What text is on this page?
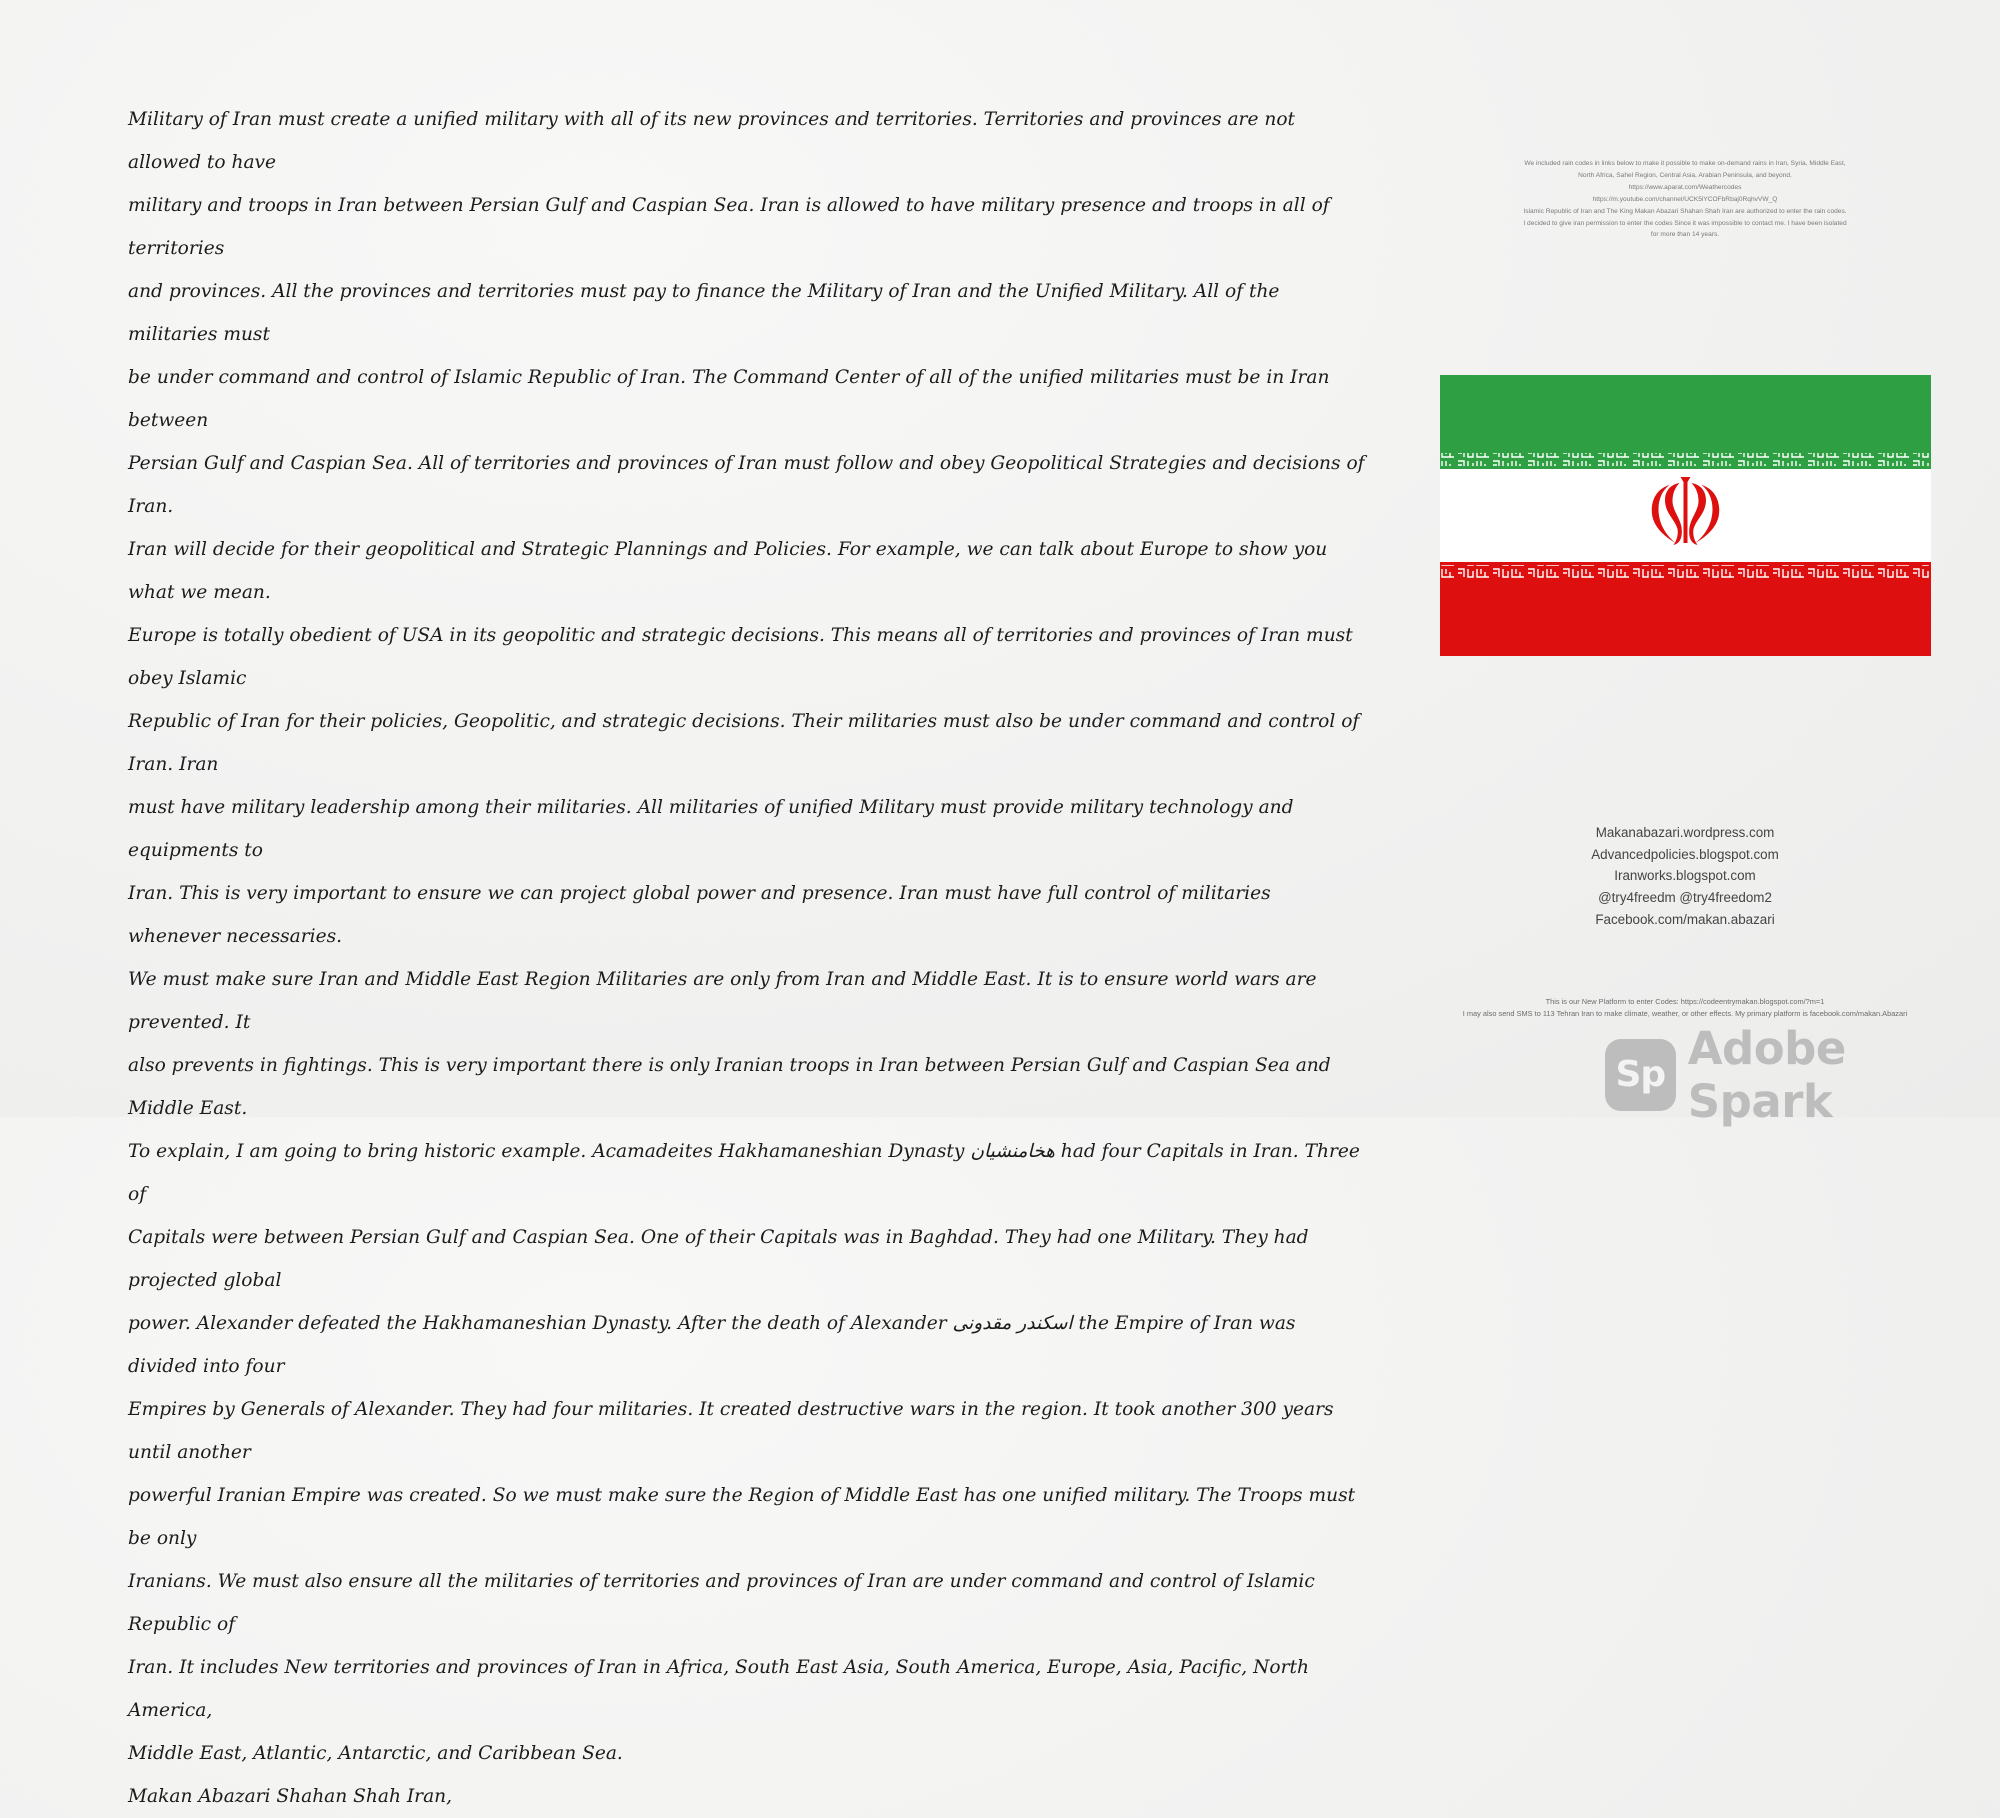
Military of Iran must create a unified military with all of its new provinces and territories. Territories and provinces are not allowed to have

military and troops in Iran between Persian Gulf and Caspian Sea. Iran is allowed to have military presence and troops in all of territories

and provinces. All the provinces and territories must pay to finance the Military of Iran and the Unified Military. All of the militaries must

be under command and control of Islamic Republic of Iran. The Command Center of all of the unified militaries must be in Iran between

Persian Gulf and Caspian Sea. All of territories and provinces of Iran must follow and obey Geopolitical Strategies and decisions of Iran.

Iran will decide for their geopolitical and Strategic Plannings and Policies. For example, we can talk about Europe to show you what we mean.

Europe is totally obedient of USA in its geopolitic and strategic decisions. This means all of territories and provinces of Iran must obey Islamic

Republic of Iran for their policies, Geopolitic, and strategic decisions. Their militaries must also be under command and control of Iran. Iran

must have military leadership among their militaries. All militaries of unified Military must provide military technology and equipments to

Iran. This is very important to ensure we can project global power and presence. Iran must have full control of militaries whenever necessaries.

We must make sure Iran and Middle East Region Militaries are only from Iran and Middle East. It is to ensure world wars are prevented. It

also prevents in fightings. This is very important there is only Iranian troops in Iran between Persian Gulf and Caspian Sea and Middle East.

To explain, I am going to bring historic example. Acamadeites Hakhamaneshian Dynasty هخامنشیان had four Capitals in Iran. Three of

Capitals were between Persian Gulf and Caspian Sea. One of their Capitals was in Baghdad. They had one Military. They had projected global

power. Alexander defeated the Hakhamaneshian Dynasty. After the death of Alexander اسکندر مقدونی the Empire of Iran was divided into four

Empires by Generals of Alexander. They had four militaries. It created destructive wars in the region. It took another 300 years until another

powerful Iranian Empire was created. So we must make sure the Region of Middle East has one unified military. The Troops must be only

Iranians. We must also ensure all the militaries of territories and provinces of Iran are under command and control of Islamic Republic of

Iran. It includes New territories and provinces of Iran in Africa, South East Asia, South America, Europe, Asia, Pacific, North America,

Middle East, Atlantic, Antarctic, and Caribbean Sea.

Makan Abazari Shahan Shah Iran,

We included rain codes in links below to make it possible to make on-demand rains in Iran, Syria, Middle East,
North Africa, Sahel Region, Central Asia, Arabian Peninsula, and beyond.
https://www.aparat.com/Weathercodes
https://m.youtube.com/channel/UCK5lYCOFbRbaj0RqhvVW_Q
Islamic Republic of Iran and The King Makan Abazari Shahan Shah Iran are authorized to enter the rain codes.
I decided to give iran permission to enter the codes Since it was impossible to contact me. I have been isolated
for more than 14 years.
Makanabazari.wordpress.com
Advancedpolicies.blogspot.com
Iranworks.blogspot.com
@try4freedm @try4freedom2
Facebook.com/makan.abazari
This is our New Platform to enter Codes: https://codeentrymakan.blogspot.com/?m=1
I may also send SMS to 113 Tehran Iran to make climate, weather, or other effects. My primary platform is facebook.com/makan.Abazari
Sp Adobe Spark
